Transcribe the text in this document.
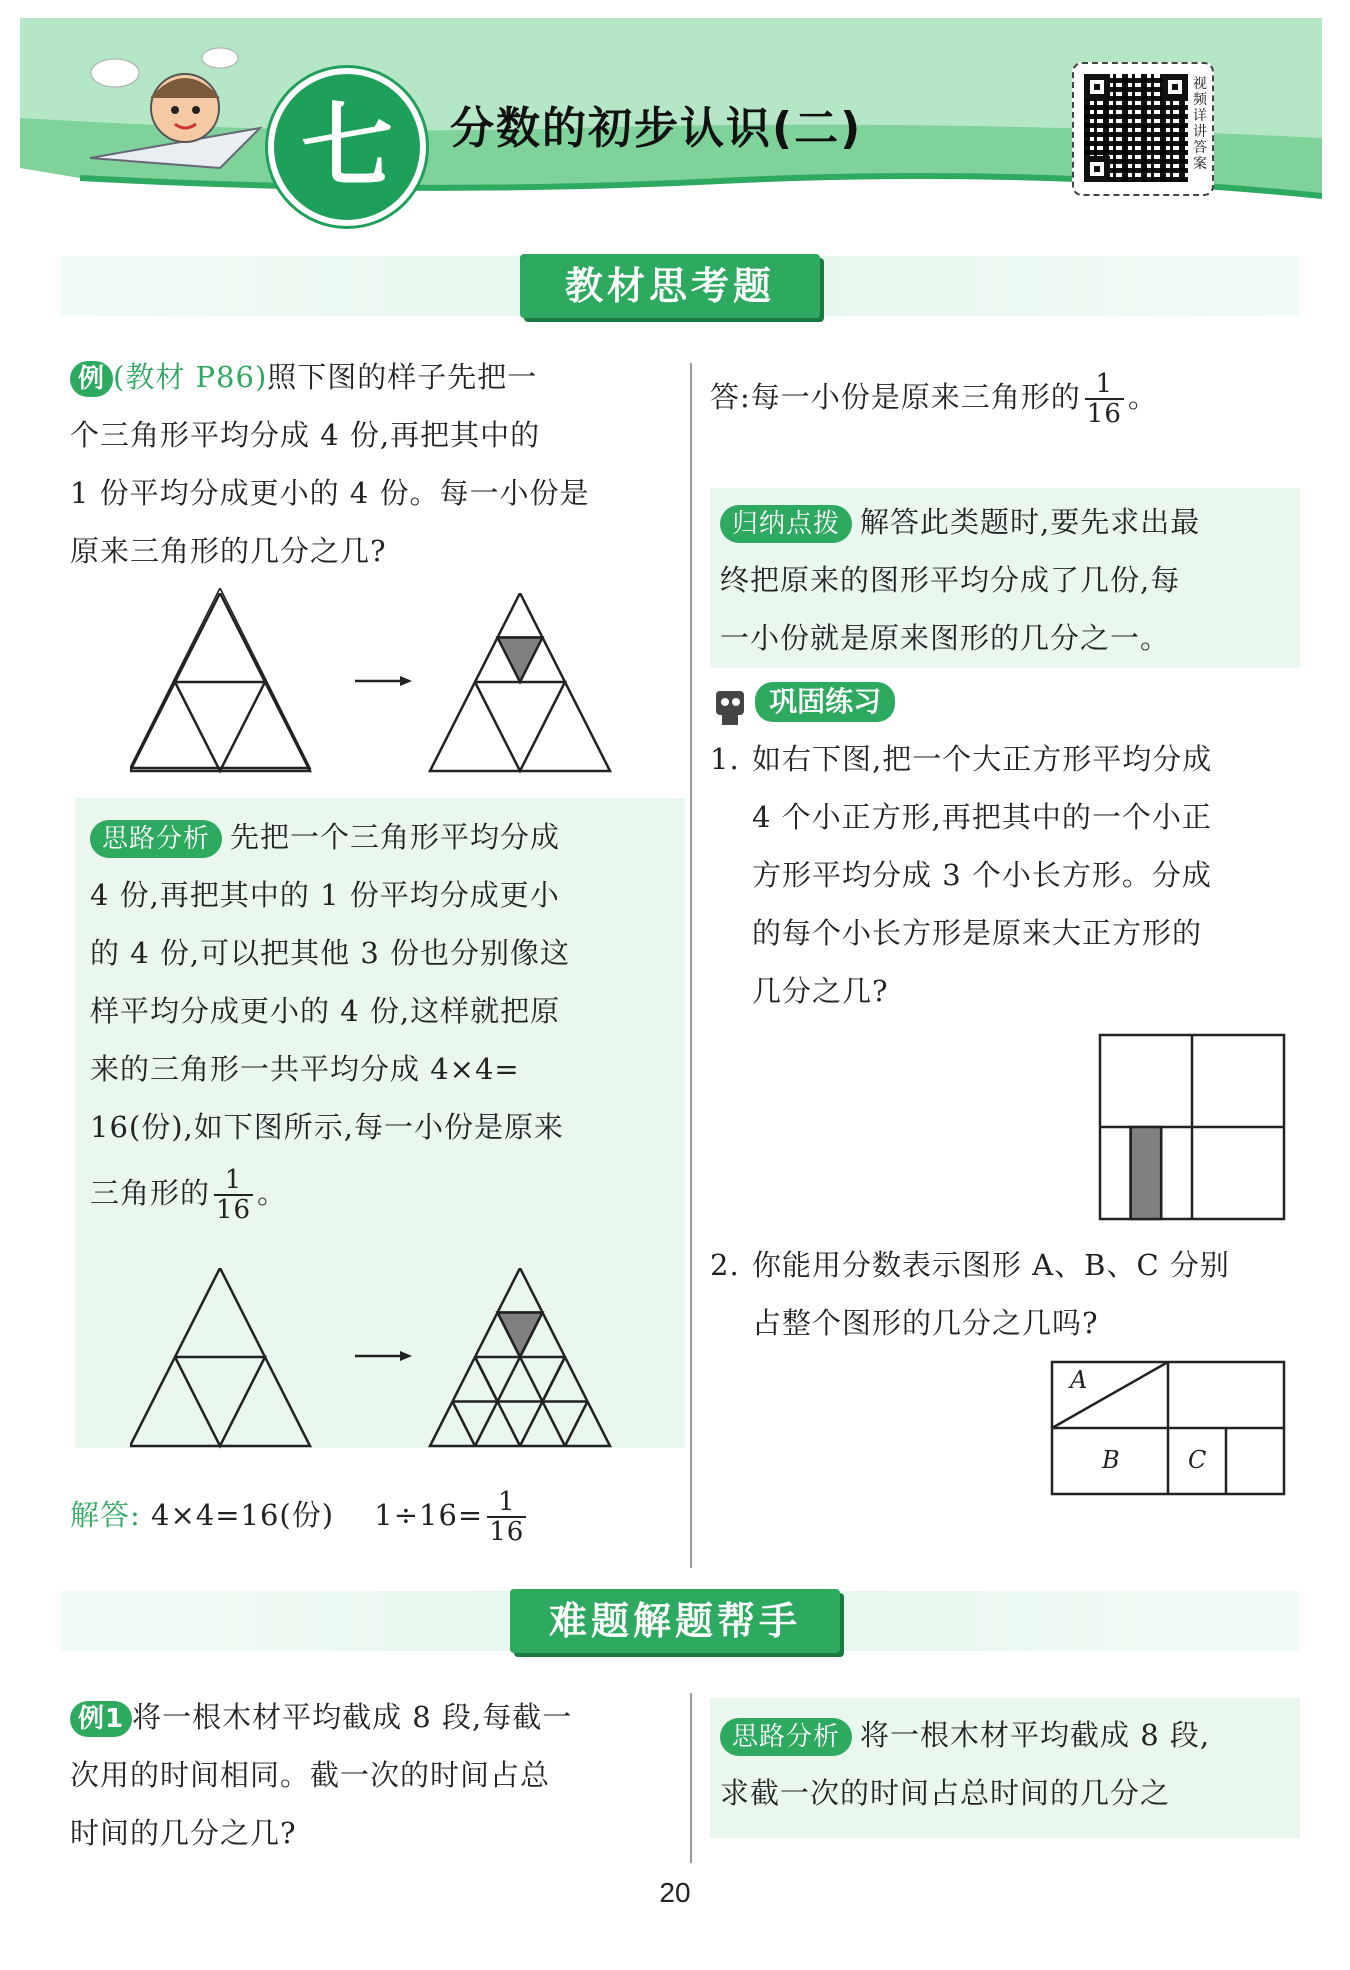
七	分数的初步认识(二)
视频详讲答案
教材思考题
例 (教材 P86)照下图的样子先把一
个三角形平均分成 4 份,再把其中的
1 份平均分成更小的 4 份。每一小份是
原来三角形的几分之几?
思路分析 先把一个三角形平均分成
4 份,再把其中的 1 份平均分成更小
的 4 份,可以把其他 3 份也分别像这
样平均分成更小的 4 份,这样就把原
来的三角形一共平均分成 4×4=
16(份),如下图所示,每一小份是原来
三角形的 $\frac{1}{16}$ 。
解答: 4×4=16(份) $1\div 16= \frac{1}{16}$
答:每一小份是原来三角形的 $\frac{1}{16}$ 。
归纳点拨 解答此类题时,要先求出最
终把原来的图形平均分成了几份,每
一小份就是原来图形的几分之一。
巩固练习
1. 如右下图,把一个大正方形平均分成
4 个小正方形,再把其中的一个小正
方形平均分成 3 个小长方形。分成
的每个小长方形是原来大正方形的
几分之几?
2. 你能用分数表示图形 A、B、C 分别
占整个图形的几分之几吗?
A
B	C
难题解题帮手
例1 将一根木材平均截成 8 段,每截一
次用的时间相同。截一次的时间占总
时间的几分之几?
思路分析 将一根木材平均截成 8 段,
求截一次的时间占总时间的几分之
20
